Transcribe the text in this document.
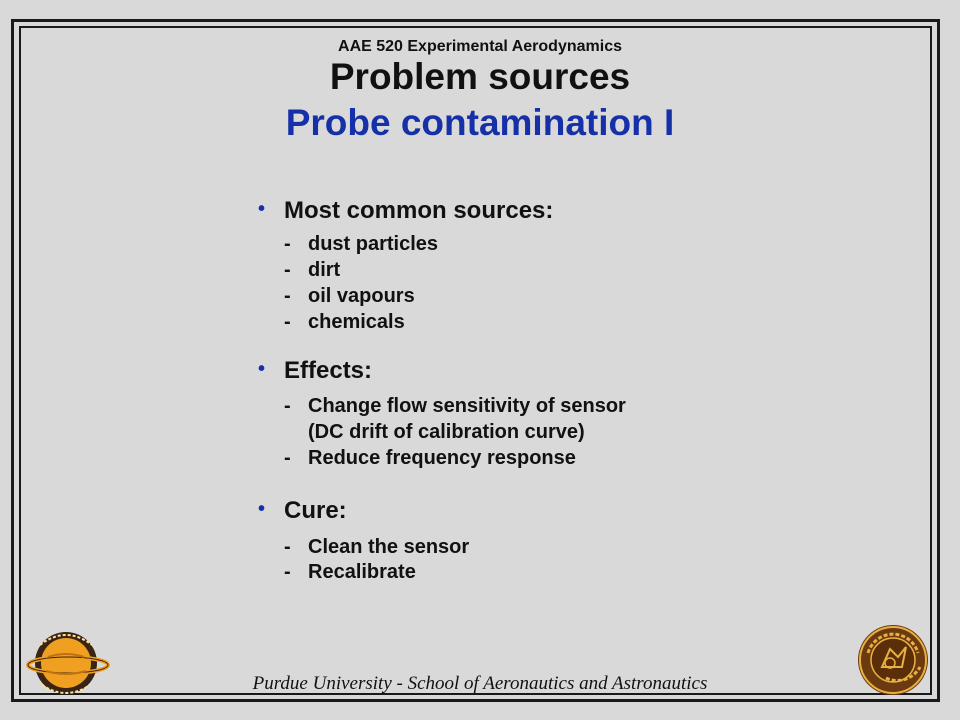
AAE 520 Experimental Aerodynamics
Problem sources
Probe contamination I
• Most common sources:
- dust particles
- dirt
- oil vapours
- chemicals
• Effects:
- Change flow sensitivity of sensor
(DC drift of calibration curve)
- Reduce frequency response
• Cure:
- Clean the sensor
- Recalibrate
Purdue University - School of Aeronautics and Astronautics
